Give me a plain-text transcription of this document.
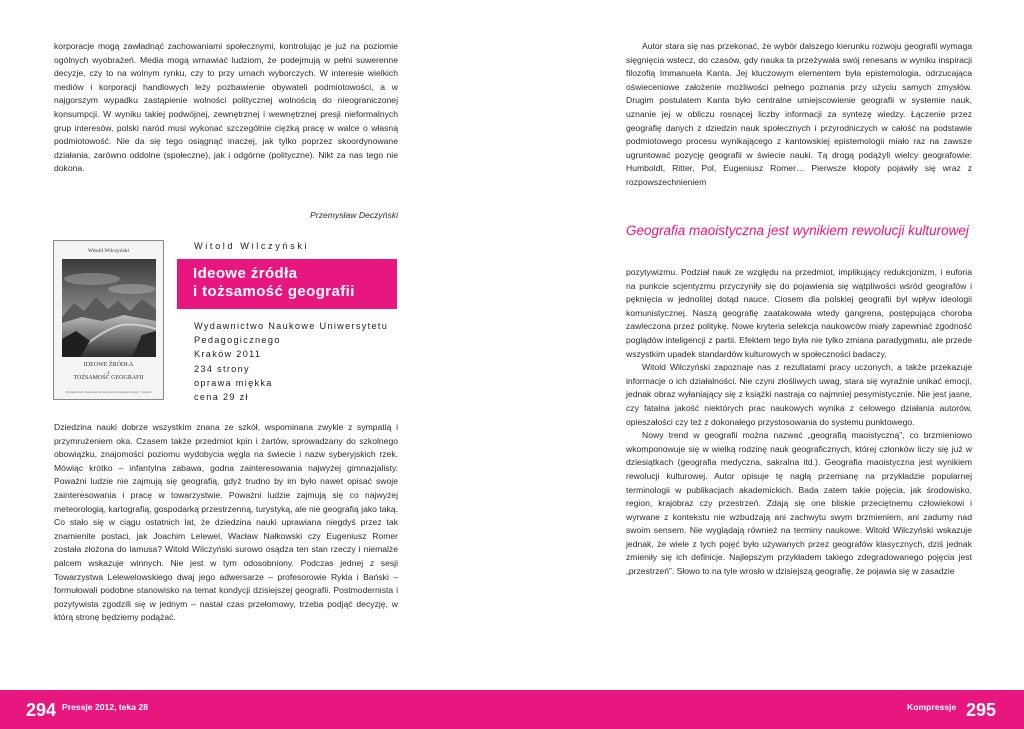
korporacje mogą zawładnąć zachowaniami społecznymi, kontrolując je już na poziomie ogólnych wyobrażeń. Media mogą wmawiać ludziom, że podejmują w pełni suwerenne decyzje, czy to na wolnym rynku, czy to przy urnach wyborczych. W interesie wielkich mediów i korporacji handlowych leży pozbawienie obywateli podmiotowości, a w najgorszym wypadku zastąpienie wolności politycznej wolnością do nieograniczonej konsumpcji. W wyniku takiej podwójnej, zewnętrznej i wewnętrznej presji nieformalnych grup interesów, polski naród musi wykonać szczególnie ciężką pracę w walce o własną podmiotowość. Nie da się tego osiągnąć inaczej, jak tylko poprzez skoordynowane działania, zarówno oddolne (społeczne), jak i odgórne (polityczne). Nikt za nas tego nie dokona.

Przemysław Deczyński
Witold Wilczyński
IDEOWE ŹRÓDŁA
I
TOŻSAMOŚĆ GEOGRAFII
Wydawnictwo Naukowe Uniwersytetu Pedagogicznego · Kraków
Witold Wilczyński
Ideowe źródła
i tożsamość geografii
Wydawnictwo Naukowe Uniwersytetu
Pedagogicznego
Kraków 2011
234 strony
oprawa miękka
cena 29 zł

Dziedzina nauki dobrze wszystkim znana ze szkół, wspominana zwykle z sympatią i przymrużeniem oka. Czasem także przedmiot kpin i żartów, sprowadzany do szkolnego obowiązku, znajomości poziomu wydobycia węgla na świecie i nazw syberyjskich rzek. Mówiąc krótko – infantylna zabawa, godna zainteresowania najwyżej gimnazjalisty. Poważni ludzie nie zajmują się geografią, gdyż trudno by im było nawet opisać swoje zainteresowania i pracę w towarzystwie. Poważni ludzie zajmują się co najwyżej meteorologią, kartografią, gospodarką przestrzenną, turystyką, ale nie geografią jako taką. Co stało się w ciągu ostatnich lat, że dziedzina nauki uprawiana niegdyś przez tak znamienite postaci, jak Joachim Lelewel, Wacław Nałkowski czy Eugeniusz Romer została złożona do lamusa? Witold Wilczyński surowo osądza ten stan rzeczy i niemalże palcem wskazuje winnych. Nie jest w tym odosobniony. Podczas jednej z sesji Towarzystwa Lelewelowskiego dwaj jego adwersarze – profesorowie Rykla i Bański – formułowali podobne stanowisko na temat kondycji dzisiejszej geografii. Postmodernista i pozytywista zgodzili się w jednym – nastał czas przełomowy, trzeba podjąć decyzję, w którą stronę będziemy podążać.

Autor stara się nas przekonać, że wybór dalszego kierunku rozwoju geografii wymaga sięgnięcia wstecz, do czasów, gdy nauka ta przeżywała swój renesans w wyniku inspiracji filozofią Immanuela Kanta. Jej kluczowym elementem była epistemologia, odrzucająca oświeceniowe założenie możliwości pełnego poznania przy użyciu samych zmysłów. Drugim postulatem Kanta było centralne umiejscowienie geografii w systemie nauk, uznanie jej w obliczu rosnącej liczby informacji za syntezę wiedzy. Łączenie przez geografię danych z dziedzin nauk społecznych i przyrodniczych w całość na podstawie podmiotowego procesu wynikającego z kantowskiej epistemologii miało raz na zawsze ugruntować pozycję geografii w świecie nauki. Tą drogą podążyli wielcy geografowie: Humboldt, Ritter, Pol, Eugeniusz Romer… Pierwsze kłopoty pojawiły się wraz z rozpowszechnieniem

Geografia maoistyczna jest wynikiem rewolucji kulturowej

pozytywizmu. Podział nauk ze względu na przedmiot, implikujący redukcjonizm, i euforia na punkcie scjentyzmu przyczyniły się do pojawienia się wątpliwości wśród geografów i pęknięcia w jednolitej dotąd nauce. Ciosem dla polskiej geografii był wpływ ideologii komunistycznej. Naszą geografię zaatakowała wtedy gangrena, postępująca choroba zawleczona przez politykę. Nowe kryteria selekcja naukowców miały zapewniać zgodność poglądów inteligencji z partii. Efektem tego była nie tylko zmiana paradygmatu, ale przede wszystkim upadek standardów kulturowych w społeczności badaczy.

Witold Wilczyński zapoznaje nas z rezultatami pracy uczonych, a także przekazuje informacje o ich działalności. Nie czyni złośliwych uwag, stara się wyraźnie unikać emocji, jednak obraz wyłaniający się z książki nastraja co najmniej pesymistycznie. Nie jest jasne, czy fatalna jakość niektórych prac naukowych wynika z celowego działania autorów, opieszałości czy też z dokonałego przystosowania do systemu punktowego.

Nowy trend w geografii można nazwać „geografią maoistyczną”, co brzmieniowo wkomponowuje się w wielką rodzinę nauk geograficznych, której członków liczy się już w dziesiątkach (geografia medyczna, sakralna itd.). Geografia maoistyczna jest wynikiem rewolucji kulturowej. Autor opisuje tę nagłą przemianę na przykładzie popularnej terminologii w publikacjach akademickich. Bada zatem takie pojęcia, jak środowisko, region, krajobraz czy przestrzeń. Zdają się one bliskie przeciętnemu człowiekowi i wyrwane z kontekstu nie wzbudzają ani zachwytu swym brzmieniem, ani zadumy nad swoim sensem. Nie wyglądają również na terminy naukowe. Witold Wilczyński wskazuje jednak, że wiele z tych pojęć było używanych przez geografów klasycznych, dziś jednak zmieniły się ich definicje. Najlepszym przykładem takiego zdegradowanego pojęcia jest „przestrzeń”. Słowo to na tyle wrosło w dzisiejszą geografię, że pojawia się w zasadzie

294 Pressje 2012, teka 28	Kompressje 295
